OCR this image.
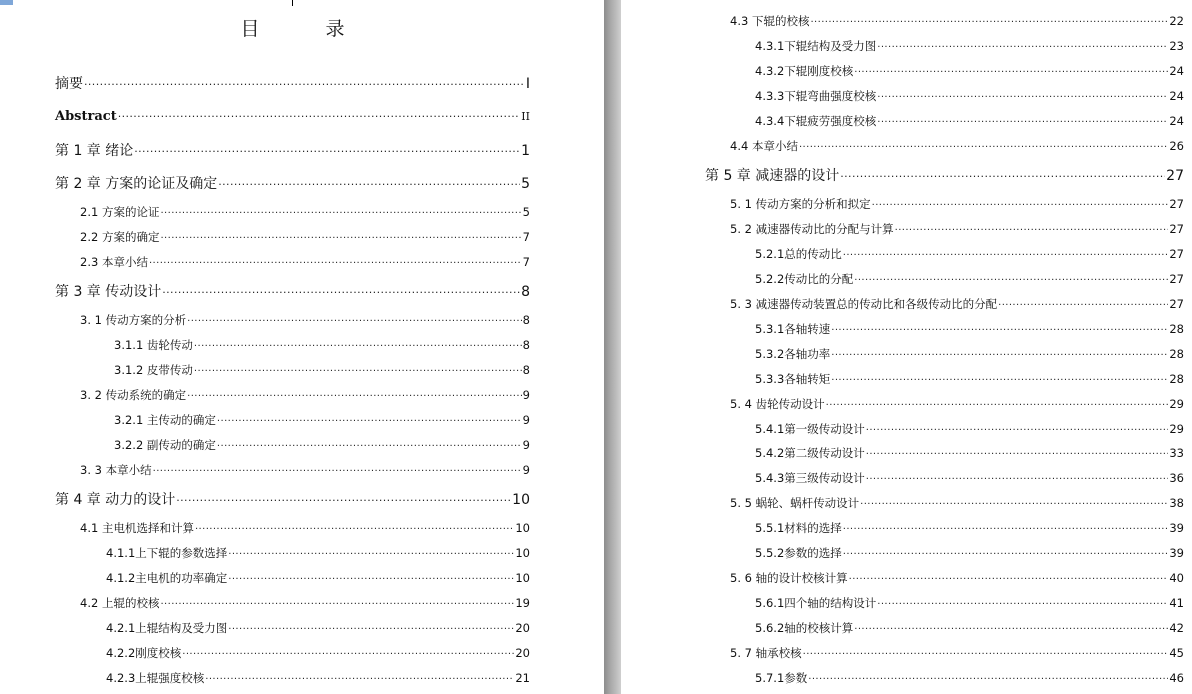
目 录
摘要 ·····	I
Abstract ·····	II
第 1 章 绪论 ·····	1
第 2 章 方案的论证及确定 ·····	5
2.1 方案的论证 ·····	5
2.2 方案的确定 ·····	7
2.3 本章小结 ·····	7
第 3 章 传动设计 ·····	8
3. 1 传动方案的分析 ·····	8
3.1.1 齿轮传动 ·····	8
3.1.2 皮带传动 ·····	8
3. 2 传动系统的确定 ·····	9
3.2.1 主传动的确定 ·····	9
3.2.2 副传动的确定 ·····	9
3. 3 本章小结 ·····	9
第 4 章 动力的设计 ·····	10
4.1 主电机选择和计算 ·····	10
4.1.1上下辊的参数选择 ·····	10
4.1.2主电机的功率确定 ·····	10
4.2 上辊的校核 ·····	19
4.2.1上辊结构及受力图 ·····	20
4.2.2刚度校核 ·····	20
4.2.3上辊强度校核 ·····	21
4.3 下辊的校核 ·····	22
4.3.1下辊结构及受力图 ·····	23
4.3.2下辊刚度校核 ·····	24
4.3.3下辊弯曲强度校核 ·····	24
4.3.4下辊疲劳强度校核 ·····	24
4.4 本章小结 ·····	26
第 5 章 减速器的设计 ·····	27
5. 1 传动方案的分析和拟定 ·····	27
5. 2 减速器传动比的分配与计算 ·····	27
5.2.1总的传动比 ·····	27
5.2.2传动比的分配 ·····	27
5. 3 减速器传动装置总的传动比和各级传动比的分配 ·····	27
5.3.1各轴转速 ·····	28
5.3.2各轴功率 ·····	28
5.3.3各轴转矩 ·····	28
5. 4 齿轮传动设计 ·····	29
5.4.1第一级传动设计 ·····	29
5.4.2第二级传动设计 ·····	33
5.4.3第三级传动设计 ·····	36
5. 5 蜗轮、蜗杆传动设计 ·····	38
5.5.1材料的选择 ·····	39
5.5.2参数的选择 ·····	39
5. 6 轴的设计校核计算 ·····	40
5.6.1四个轴的结构设计 ·····	41
5.6.2轴的校核计算 ·····	42
5. 7 轴承校核 ·····	45
5.7.1参数 ·····	46
